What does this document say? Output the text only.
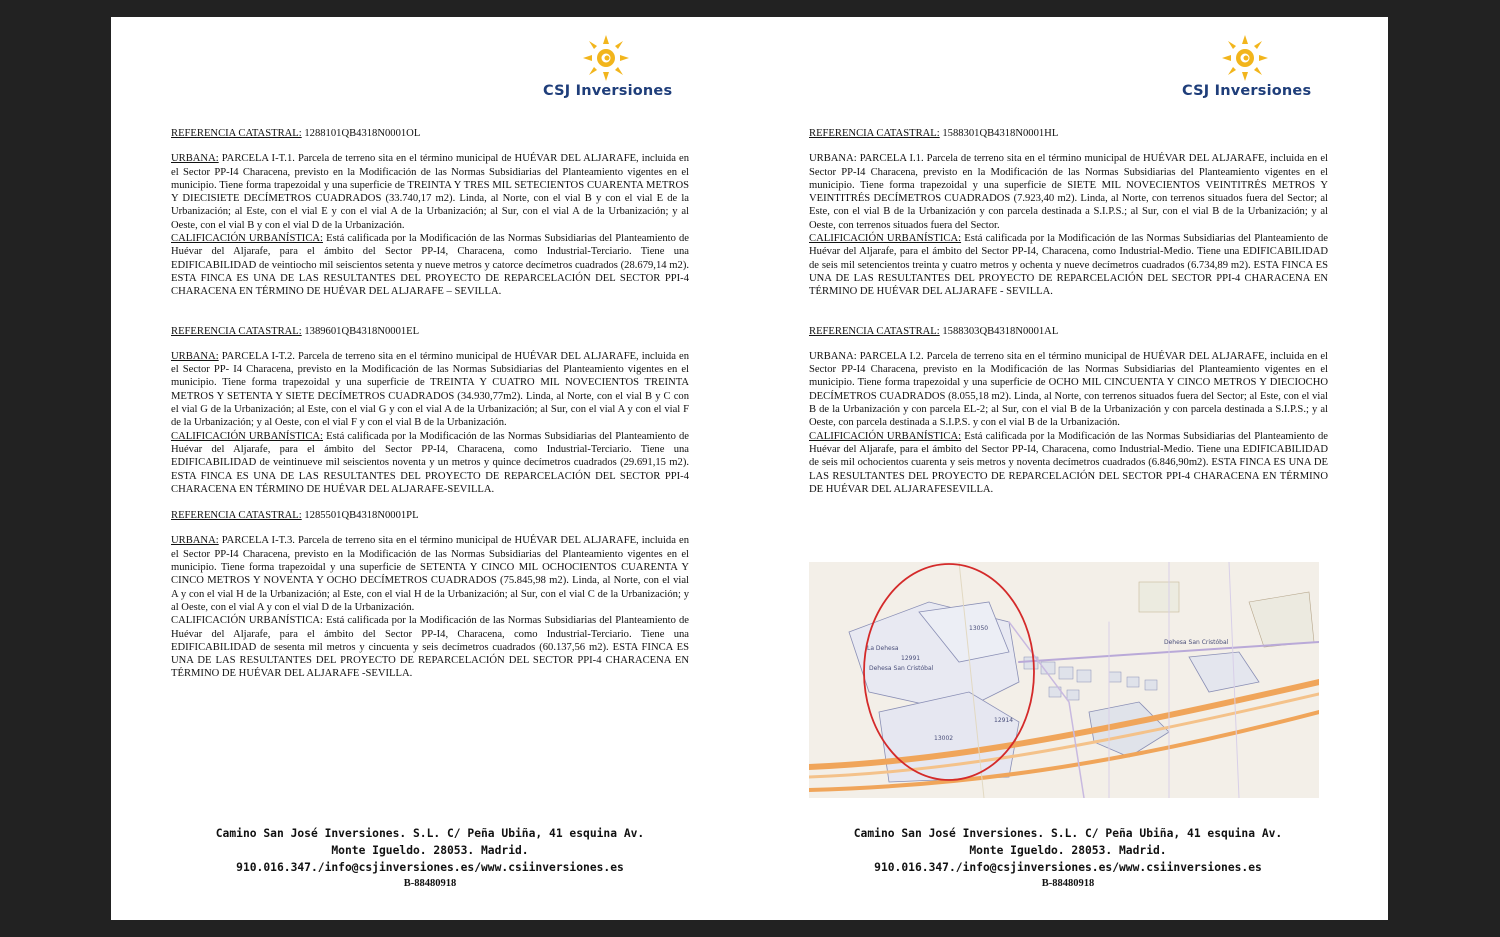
CSJ Inversiones

REFERENCIA CATASTRAL: 1288101QB4318N0001OL

URBANA: PARCELA I-T.1. Parcela de terreno sita en el término municipal de HUÉVAR DEL ALJARAFE, incluida en el Sector PP-I4 Characena, previsto en la Modificación de las Normas Subsidiarias del Planteamiento vigentes en el municipio. Tiene forma trapezoidal y una superficie de TREINTA Y TRES MIL SETECIENTOS CUARENTA METROS Y DIECISIETE DECÍMETROS CUADRADOS (33.740,17 m2). Linda, al Norte, con el vial B y con el vial E de la Urbanización; al Este, con el vial E y con el vial A de la Urbanización; al Sur, con el vial A de la Urbanización; y al Oeste, con el vial B y con el vial D de la Urbanización.

CALIFICACIÓN URBANÍSTICA: Está calificada por la Modificación de las Normas Subsidiarias del Planteamiento de Huévar del Aljarafe, para el ámbito del Sector PP-I4, Characena, como Industrial-Terciario. Tiene una EDIFICABILIDAD de veintiocho mil seiscientos setenta y nueve metros y catorce decímetros cuadrados (28.679,14 m2). ESTA FINCA ES UNA DE LAS RESULTANTES DEL PROYECTO DE REPARCELACIÓN DEL SECTOR PPI-4 CHARACENA EN TÉRMINO DE HUÉVAR DEL ALJARAFE – SEVILLA.

REFERENCIA CATASTRAL: 1389601QB4318N0001EL

URBANA: PARCELA I-T.2. Parcela de terreno sita en el término municipal de HUÉVAR DEL ALJARAFE, incluida en el Sector PP- I4 Characena, previsto en la Modificación de las Normas Subsidiarias del Planteamiento vigentes en el municipio. Tiene forma trapezoidal y una superficie de TREINTA Y CUATRO MIL NOVECIENTOS TREINTA METROS Y SETENTA Y SIETE DECÍMETROS CUADRADOS (34.930,77m2). Linda, al Norte, con el vial B y C con el vial G de la Urbanización; al Este, con el vial G y con el vial A de la Urbanización; al Sur, con el vial A y con el vial F de la Urbanización; y al Oeste, con el vial F y con el vial B de la Urbanización.

CALIFICACIÓN URBANÍSTICA: Está calificada por la Modificación de las Normas Subsidiarias del Planteamiento de Huévar del Aljarafe, para el ámbito del Sector PP-I4, Characena, como Industrial-Terciario. Tiene una EDIFICABILIDAD de veintinueve mil seiscientos noventa y un metros y quince decímetros cuadrados (29.691,15 m2). ESTA FINCA ES UNA DE LAS RESULTANTES DEL PROYECTO DE REPARCELACIÓN DEL SECTOR PPI-4 CHARACENA EN TÉRMINO DE HUÉVAR DEL ALJARAFE-SEVILLA.

REFERENCIA CATASTRAL: 1285501QB4318N0001PL

URBANA: PARCELA I-T.3. Parcela de terreno sita en el término municipal de HUÉVAR DEL ALJARAFE, incluida en el Sector PP-I4 Characena, previsto en la Modificación de las Normas Subsidiarias del Planteamiento vigentes en el municipio. Tiene forma trapezoidal y una superficie de SETENTA Y CINCO MIL OCHOCIENTOS CUARENTA Y CINCO METROS Y NOVENTA Y OCHO DECÍMETROS CUADRADOS (75.845,98 m2). Linda, al Norte, con el vial A y con el vial H de la Urbanización; al Este, con el vial H de la Urbanización; al Sur, con el vial C de la Urbanización; y al Oeste, con el vial A y con el vial D de la Urbanización.

CALIFICACIÓN URBANÍSTICA: Está calificada por la Modificación de las Normas Subsidiarias del Planteamiento de Huévar del Aljarafe, para el ámbito del Sector PP-I4, Characena, como Industrial-Terciario. Tiene una EDIFICABILIDAD de sesenta mil metros y cincuenta y seis decímetros cuadrados (60.137,56 m2). ESTA FINCA ES UNA DE LAS RESULTANTES DEL PROYECTO DE REPARCELACIÓN DEL SECTOR PPI-4 CHARACENA EN TÉRMINO DE HUÉVAR DEL ALJARAFE -SEVILLA.

Camino San José Inversiones. S.L. C/ Peña Ubiña, 41 esquina Av.
Monte Igueldo. 28053. Madrid.
910.016.347./info@csjinversiones.es/www.csiinversiones.es
B-88480918
CSJ Inversiones

REFERENCIA CATASTRAL: 1588301QB4318N0001HL

URBANA: PARCELA I.1. Parcela de terreno sita en el término municipal de HUÉVAR DEL ALJARAFE, incluida en el Sector PP-I4 Characena, previsto en la Modificación de las Normas Subsidiarias del Planteamiento vigentes en el municipio. Tiene forma trapezoidal y una superficie de SIETE MIL NOVECIENTOS VEINTITRÉS METROS Y VEINTITRÉS DECÍMETROS CUADRADOS (7.923,40 m2). Linda, al Norte, con terrenos situados fuera del Sector; al Este, con el vial B de la Urbanización y con parcela destinada a S.I.P.S.; al Sur, con el vial B de la Urbanización; y al Oeste, con terrenos situados fuera del Sector.

CALIFICACIÓN URBANÍSTICA: Está calificada por la Modificación de las Normas Subsidiarias del Planteamiento de Huévar del Aljarafe, para el ámbito del Sector PP-I4, Characena, como Industrial-Medio. Tiene una EDIFICABILIDAD de seis mil setencientos treinta y cuatro metros y ochenta y nueve decímetros cuadrados (6.734,89 m2). ESTA FINCA ES UNA DE LAS RESULTANTES DEL PROYECTO DE REPARCELACIÓN DEL SECTOR PPI-4 CHARACENA EN TÉRMINO DE HUÉVAR DEL ALJARAFE - SEVILLA.

REFERENCIA CATASTRAL: 1588303QB4318N0001AL

URBANA: PARCELA I.2. Parcela de terreno sita en el término municipal de HUÉVAR DEL ALJARAFE, incluida en el Sector PP-I4 Characena, previsto en la Modificación de las Normas Subsidiarias del Planteamiento vigentes en el municipio. Tiene forma trapezoidal y una superficie de OCHO MIL CINCUENTA Y CINCO METROS Y DIECIOCHO DECÍMETROS CUADRADOS (8.055,18 m2). Linda, al Norte, con terrenos situados fuera del Sector; al Este, con el vial B de la Urbanización y con parcela EL-2; al Sur, con el vial B de la Urbanización y con parcela destinada a S.I.P.S.; y al Oeste, con parcela destinada a S.I.P.S. y con el vial B de la Urbanización.

CALIFICACIÓN URBANÍSTICA: Está calificada por la Modificación de las Normas Subsidiarias del Planteamiento de Huévar del Aljarafe, para el ámbito del Sector PP-I4, Characena, como Industrial-Medio. Tiene una EDIFICABILIDAD de seis mil ochocientos cuarenta y seis metros y noventa decímetros cuadrados (6.846,90m2). ESTA FINCA ES UNA DE LAS RESULTANTES DEL PROYECTO DE REPARCELACIÓN DEL SECTOR PPI-4 CHARACENA EN TÉRMINO DE HUÉVAR DEL ALJARAFESEVILLA.

La Dehesa
Dehesa San Cristóbal
Dehesa San Cristóbal
13050
12991
13002
12914
Camino San José Inversiones. S.L. C/ Peña Ubiña, 41 esquina Av.
Monte Igueldo. 28053. Madrid.
910.016.347./info@csjinversiones.es/www.csiinversiones.es
B-88480918
